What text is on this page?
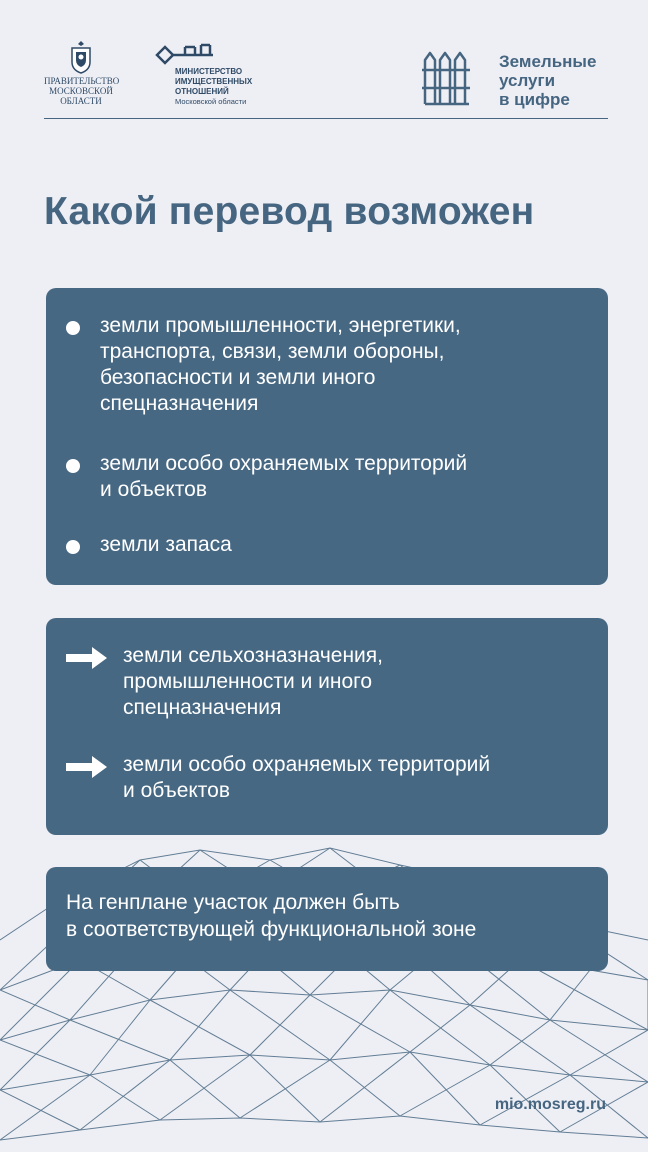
ПРАВИТЕЛЬСТВО
МОСКОВСКОЙ
ОБЛАСТИ
МИНИСТЕРСТВО
ИМУЩЕСТВЕННЫХ
ОТНОШЕНИЙ
Московской области
Земельные
услуги
в цифре
Какой перевод возможен
земли промышленности, энергетики,
транспорта, связи, земли обороны,
безопасности и земли иного
спецназначения
земли особо охраняемых территорий
и объектов
земли запаса
земли сельхозназначения,
промышленности и иного
спецназначения
земли особо охраняемых территорий
и объектов
На генплане участок должен быть
в соответствующей функциональной зоне
mio.mosreg.ru
